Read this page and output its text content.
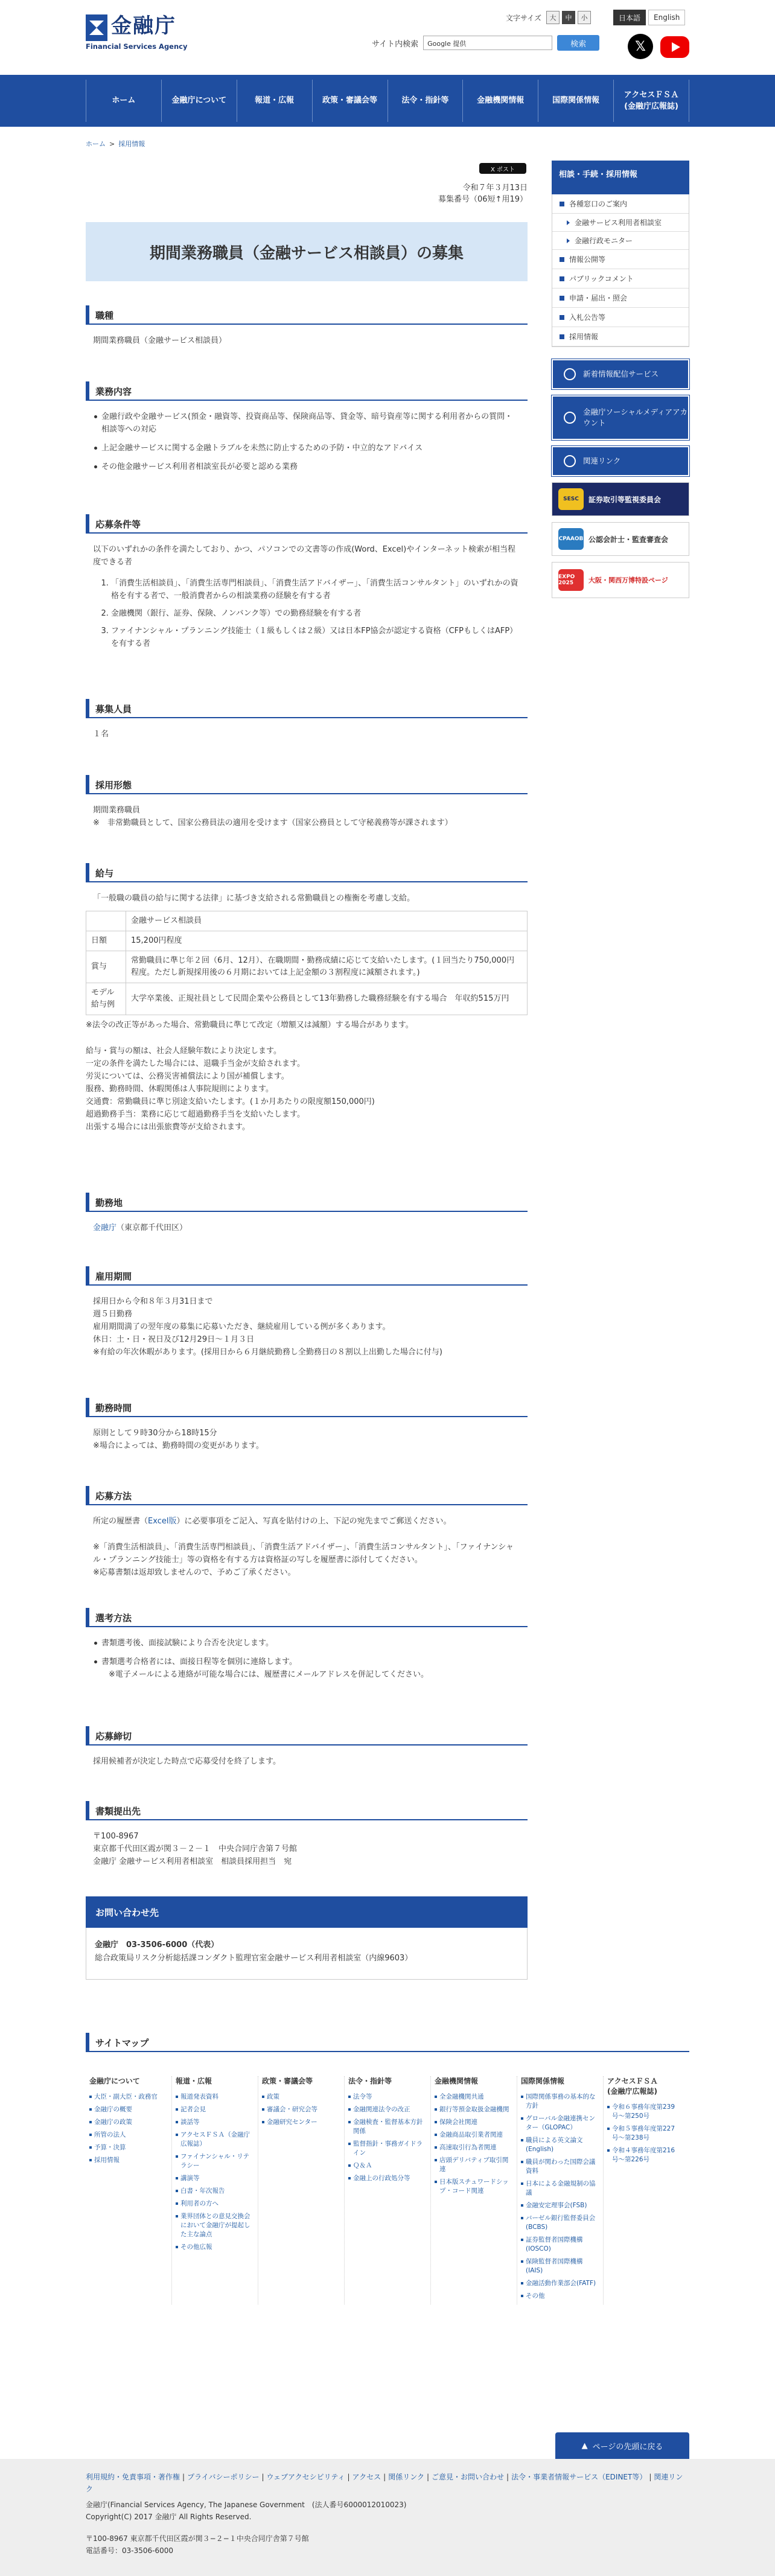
金融庁
Financial Services Agency
文字サイズ	大	中	小	日本語	English
サイト内検索	Google 提供	検索	𝕏
ホーム	金融庁について	報道・広報	政策・審議会等	法令・指針等	金融機関情報	国際関係情報
アクセスＦＳＡ
(金融庁広報誌)
ホーム > 採用情報
X ポスト
令和７年３月13日
募集番号（06短↑用19）
期間業務職員（金融サービス相談員）の募集
職種
期間業務職員（金融サービス相談員）
業務内容
金融行政や金融サービス(預金・融資等、投資商品等、保険商品等、貸金等、暗号資産等に関する利用者からの質問・相談等への対応
上記金融サービスに関する金融トラブルを未然に防止するための予防・中立的なアドバイス
その他金融サービス利用者相談室長が必要と認める業務
応募条件等
以下のいずれかの条件を満たしており、かつ、パソコンでの文書等の作成(Word、Excel)やインターネット検索が相当程度できる者
1. 「消費生活相談員」、「消費生活専門相談員」、「消費生活アドバイザー」、「消費生活コンサルタント」のいずれかの資格を有する者で、一般消費者からの相談業務の経験を有する者
2. 金融機関（銀行、証券、保険、ノンバンク等）での勤務経験を有する者
3. ファイナンシャル・プランニング技能士（１級もしくは２級）又は日本FP協会が認定する資格（CFPもしくはAFP）を有する者
募集人員
１名
採用形態
期間業務職員
※　非常勤職員として、国家公務員法の適用を受けます（国家公務員として守秘義務等が課されます）
給与
「一般職の職員の給与に関する法律」に基づき支給される常勤職員との権衡を考慮し支給。
	金融サービス相談員
日額	15,200円程度
賞与	常勤職員に準じ年２回（6月、12月）、在職期間・勤務成績に応じて支給いたします。(１回当たり750,000円程度。ただし新規採用後の６月期においては上記金額の３割程度に減額されます。)
モデル給与例	大学卒業後、正規社員として民間企業や公務員として13年勤務した職務経験を有する場合　年収約515万円
※法令の改正等があった場合、常勤職員に準じて改定（増額又は減額）する場合があります。
給与・賞与の額は、社会人経験年数により決定します。
一定の条件を満たした場合には、退職手当金が支給されます。
労災については、公務災害補償法により国が補償します。
服務、勤務時間、休暇関係は人事院規則によります。
交通費：常勤職員に準じ別途支給いたします。(１か月あたりの限度額150,000円)
超過勤務手当：業務に応じて超過勤務手当を支給いたします。
出張する場合には出張旅費等が支給されます。
勤務地
金融庁（東京都千代田区）
雇用期間
採用日から令和８年３月31日まで
週５日勤務
雇用期間満了の翌年度の募集に応募いただき、継続雇用している例が多くあります。
休日：土・日・祝日及び12月29日〜１月３日
※有給の年次休暇があります。(採用日から６月継続勤務し全勤務日の８割以上出勤した場合に付与)
勤務時間
原則として９時30分から18時15分
※場合によっては、勤務時間の変更があります。
応募方法
所定の履歴書（Excel版）に必要事項をご記入、写真を貼付けの上、下記の宛先までご郵送ください。
※「消費生活相談員」、「消費生活専門相談員」、「消費生活アドバイザー」、「消費生活コンサルタント」、「ファイナンシャル・プランニング技能士」等の資格を有する方は資格証の写しを履歴書に添付してください。
※応募書類は返却致しませんので、予めご了承ください。
選考方法
書類選考後、面接試験により合否を決定します。
書類選考合格者には、面接日程等を個別に連絡します。
※電子メールによる連絡が可能な場合には、履歴書にメールアドレスを併記してください。
応募締切
採用候補者が決定した時点で応募受付を終了します。
書類提出先
〒100-8967
東京都千代田区霞が関３－２－１　中央合同庁舎第７号館
金融庁 金融サービス利用者相談室　相談員採用担当　宛
お問い合わせ先
金融庁　03-3506-6000（代表）
総合政策局リスク分析総括課コンダクト監理官室金融サービス利用者相談室（内線9603）
相談・手続・採用情報
各種窓口のご案内
金融サービス利用者相談室
金融行政モニター
情報公開等
パブリックコメント
申請・届出・照会
入札公告等
採用情報
新着情報配信サービス
金融庁ソーシャルメディアアカウント
関連リンク
SESC	証券取引等監視委員会
CPAAOB 公認会計士・監査審査会
EXPO 2025	大阪・関西万博特設ページ
サイトマップ
金融庁について
大臣・副大臣・政務官
金融庁の概要
金融庁の政策
所管の法人
予算・決算
採用情報
報道・広報
報道発表資料
記者会見
談話等
アクセスＦＳＡ（金融庁広報誌）
ファイナンシャル・リテラシー
講演等
白書・年次報告
利用者の方へ
業界団体との意見交換会において金融庁が提起した主な論点
その他広報
政策・審議会等
政策
審議会・研究会等
金融研究センター
法令・指針等
法令等
金融関連法令の改正
金融検査・監督基本方針関係
監督指針・事務ガイドライン
Ｑ＆Ａ
金融上の行政処分等
金融機関情報
全金融機関共通
銀行等預金取扱金融機関
保険会社関連
金融商品取引業者関連
高速取引行為者関連
店頭デリバティブ取引関連
日本版スチュワードシップ・コード関連
国際関係情報
国際関係事務の基本的な方針
グローバル金融連携センター（GLOPAC）
職員による英文論文(English)
職員が関わった国際会議資料
日本による金融規制の協議
金融安定理事会(FSB)
バーゼル銀行監督委員会(BCBS)
証券監督者国際機構(IOSCO)
保険監督者国際機構(IAIS)
金融活動作業部会(FATF)
その他
アクセスＦＳＡ
(金融庁広報誌)
令和６事務年度第239号〜第250号
令和５事務年度第227号〜第238号
令和４事務年度第216号〜第226号
▲ ページの先頭に戻る
利用規約・免責事項・著作権 | プライバシーポリシー | ウェブアクセシビリティ | アクセス | 関係リンク | ご意見・お問い合わせ | 法令・事業者情報サービス（EDINET等） | 関連リンク
金融庁(Financial Services Agency, The Japanese Government　(法人番号6000012010023)
Copyright(C) 2017 金融庁 All Rights Reserved.
〒100-8967 東京都千代田区霞が関３−２−１中央合同庁舎第７号館
電話番号：03-3506-6000
